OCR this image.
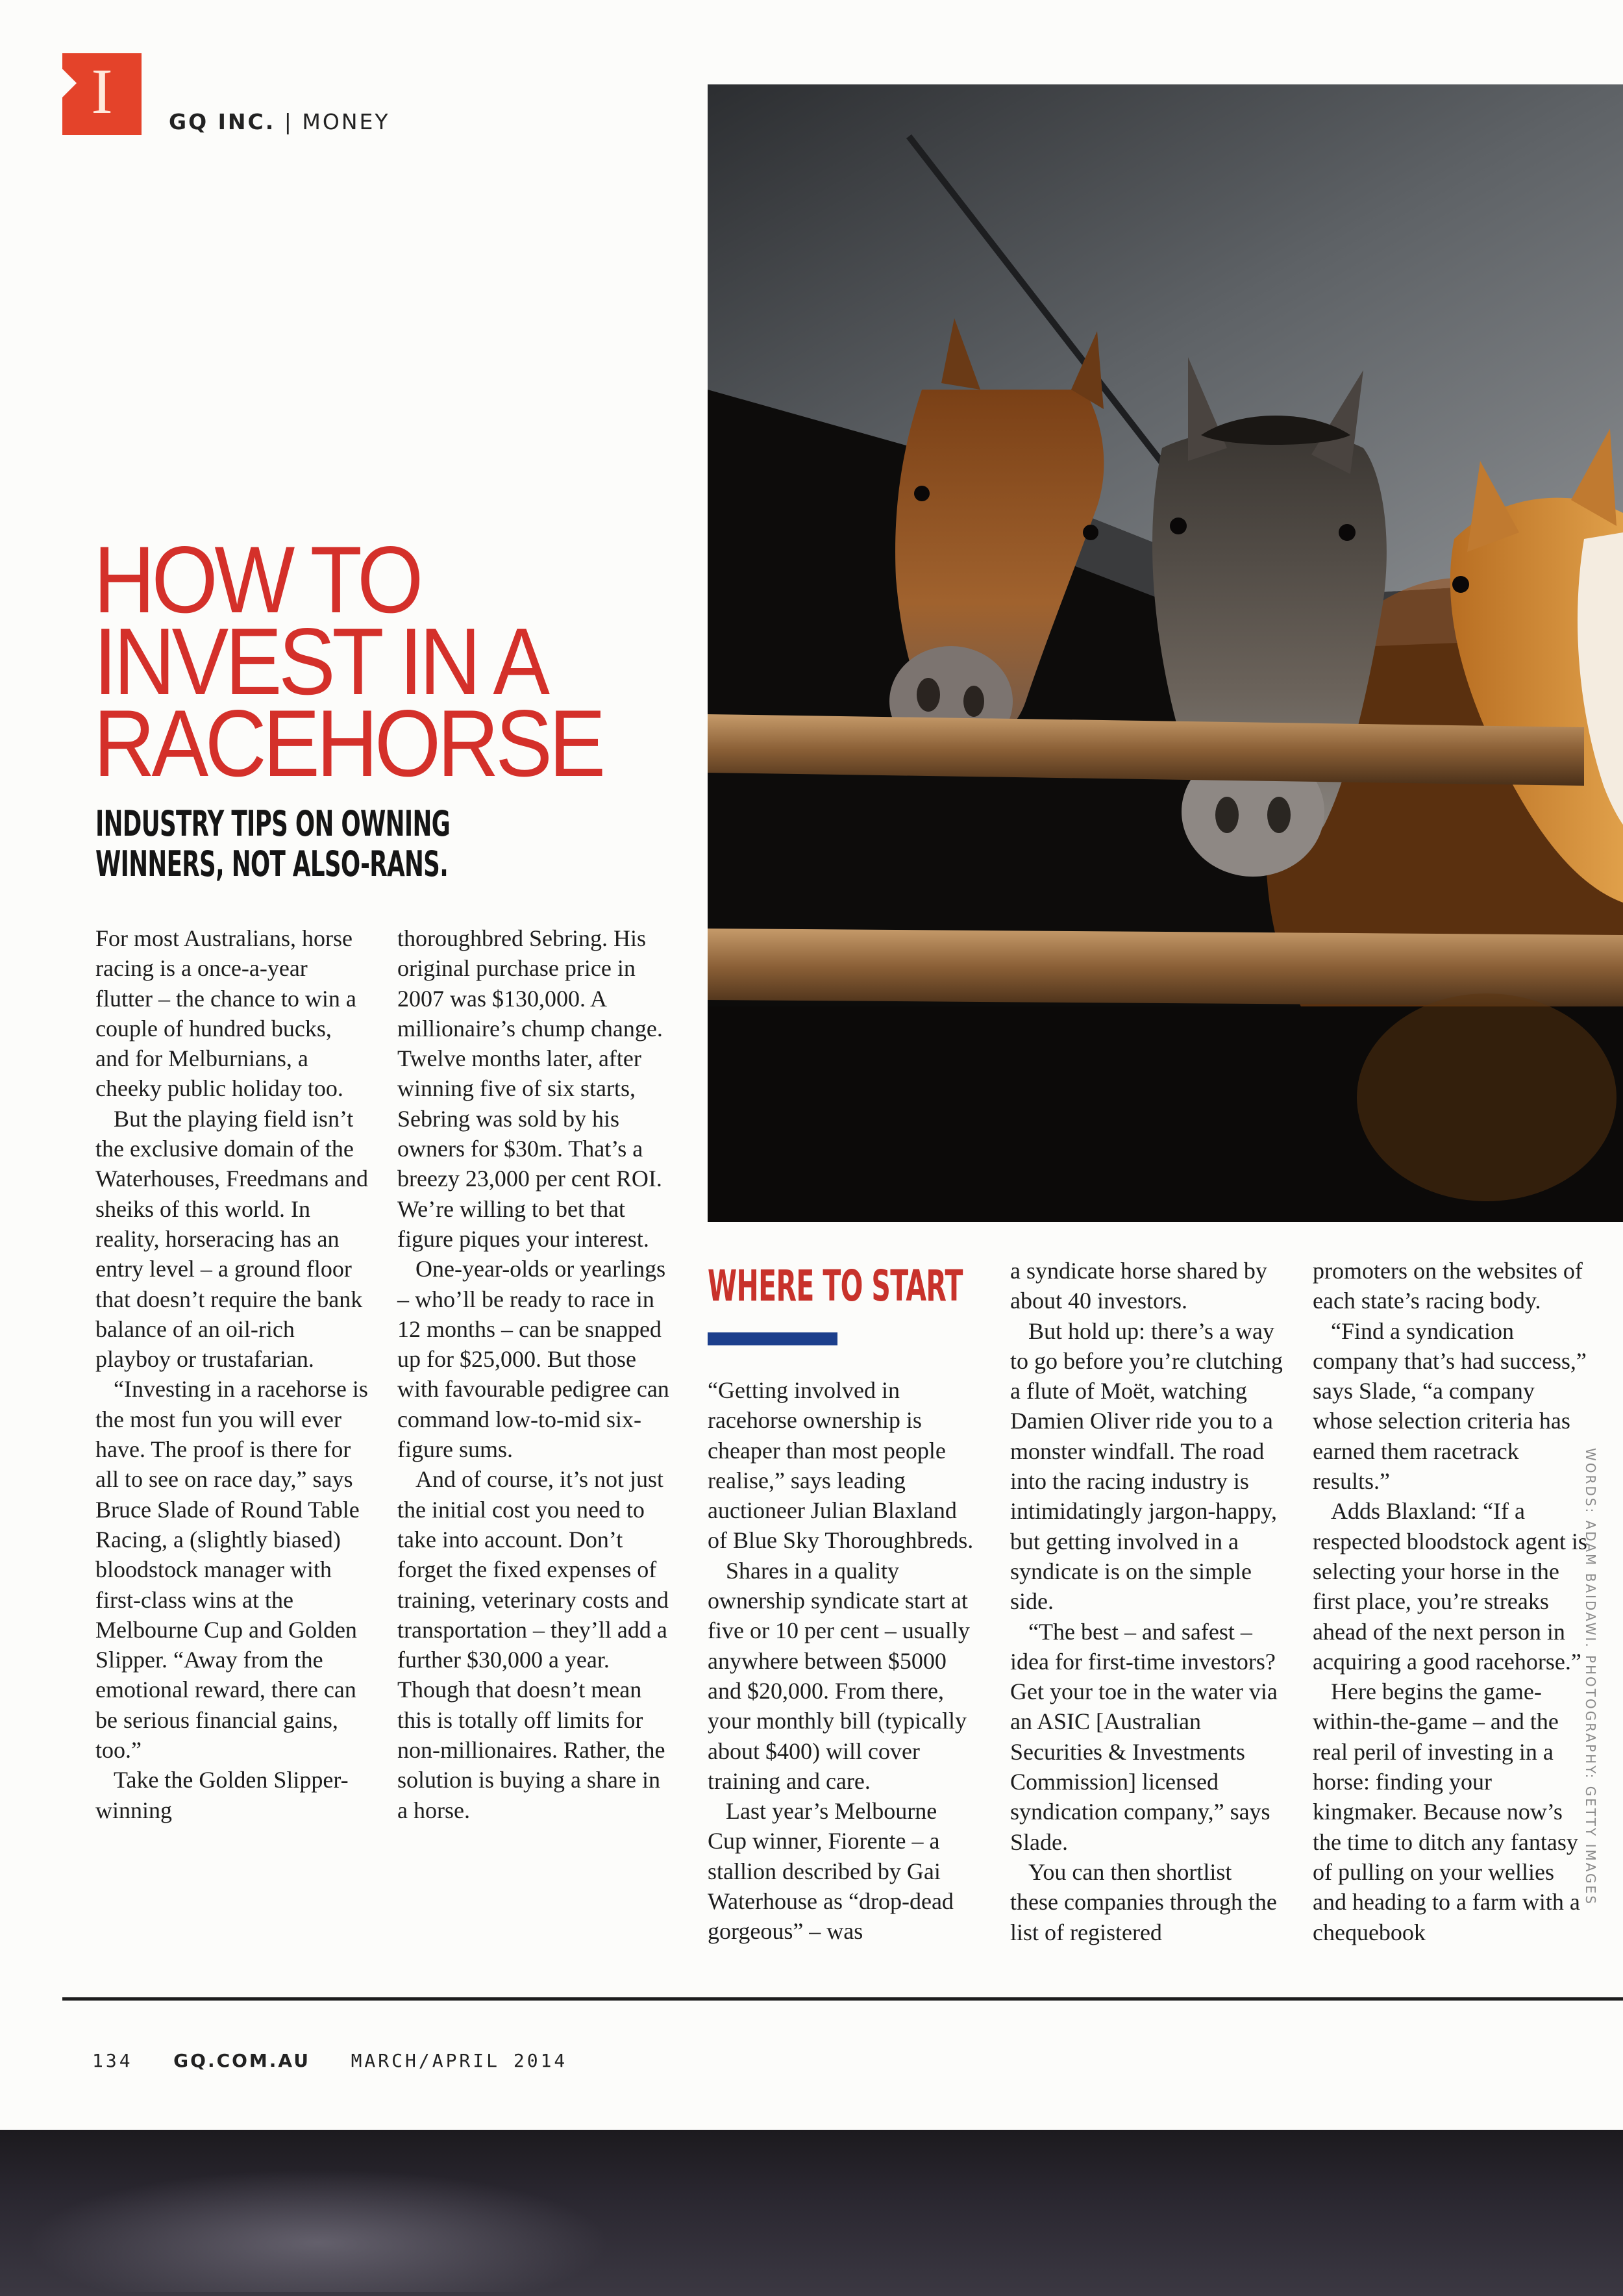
I	GQ INC. | MONEY
HOW TO
INVEST IN A
RACEHORSE
INDUSTRY TIPS ON OWNING
WINNERS, NOT ALSO-RANS.

For most Australians, horse racing is a once-a-year flutter – the chance to win a couple of hundred bucks, and for Melburnians, a cheeky public holiday too.

But the playing field isn’t the exclusive domain of the Waterhouses, Freedmans and sheiks of this world. In reality, horseracing has an entry level – a ground floor that doesn’t require the bank balance of an oil-rich playboy or trustafarian.

“Investing in a racehorse is the most fun you will ever have. The proof is there for all to see on race day,” says Bruce Slade of Round Table Racing, a (slightly biased) bloodstock manager with first-class wins at the Melbourne Cup and Golden Slipper. “Away from the emotional reward, there can be serious financial gains, too.”

Take the Golden Slipper-winning

thoroughbred Sebring. His original purchase price in 2007 was $130,000. A millionaire’s chump change. Twelve months later, after winning five of six starts, Sebring was sold by his owners for $30m. That’s a breezy 23,000 per cent ROI. We’re willing to bet that figure piques your interest.

One-year-olds or yearlings – who’ll be ready to race in 12 months – can be snapped up for $25,000. But those with favourable pedigree can command low-to-mid six-figure sums.

And of course, it’s not just the initial cost you need to take into account. Don’t forget the fixed expenses of training, veterinary costs and transportation – they’ll add a further $30,000 a year. Though that doesn’t mean this is totally off limits for non-millionaires. Rather, the solution is buying a share in a horse.

WHERE TO START

“Getting involved in racehorse ownership is cheaper than most people realise,” says leading auctioneer Julian Blaxland of Blue Sky Thoroughbreds.

Shares in a quality ownership syndicate start at five or 10 per cent – usually anywhere between $5000 and $20,000. From there, your monthly bill (typically about $400) will cover training and care.

Last year’s Melbourne Cup winner, Fiorente – a stallion described by Gai Waterhouse as “drop-dead gorgeous” – was

a syndicate horse shared by about 40 investors.

But hold up: there’s a way to go before you’re clutching a flute of Moët, watching Damien Oliver ride you to a monster windfall. The road into the racing industry is intimidatingly jargon-happy, but getting involved in a syndicate is on the simple side.

“The best – and safest – idea for first-time investors? Get your toe in the water via an ASIC [Australian Securities & Investments Commission] licensed syndication company,” says Slade.

You can then shortlist these companies through the list of registered

promoters on the websites of each state’s racing body.

“Find a syndication company that’s had success,” says Slade, “a company whose selection criteria has earned them racetrack results.”

Adds Blaxland: “If a respected bloodstock agent is selecting your horse in the first place, you’re streaks ahead of the next person in acquiring a good racehorse.”

Here begins the game-within-the-game – and the real peril of investing in a horse: finding your kingmaker. Because now’s the time to ditch any fantasy of pulling on your wellies and heading to a farm with a chequebook

WORDS: ADAM BAIDAWI. PHOTOGRAPHY: GETTY IMAGES
134 GQ.COM.AU MARCH/APRIL 2014
